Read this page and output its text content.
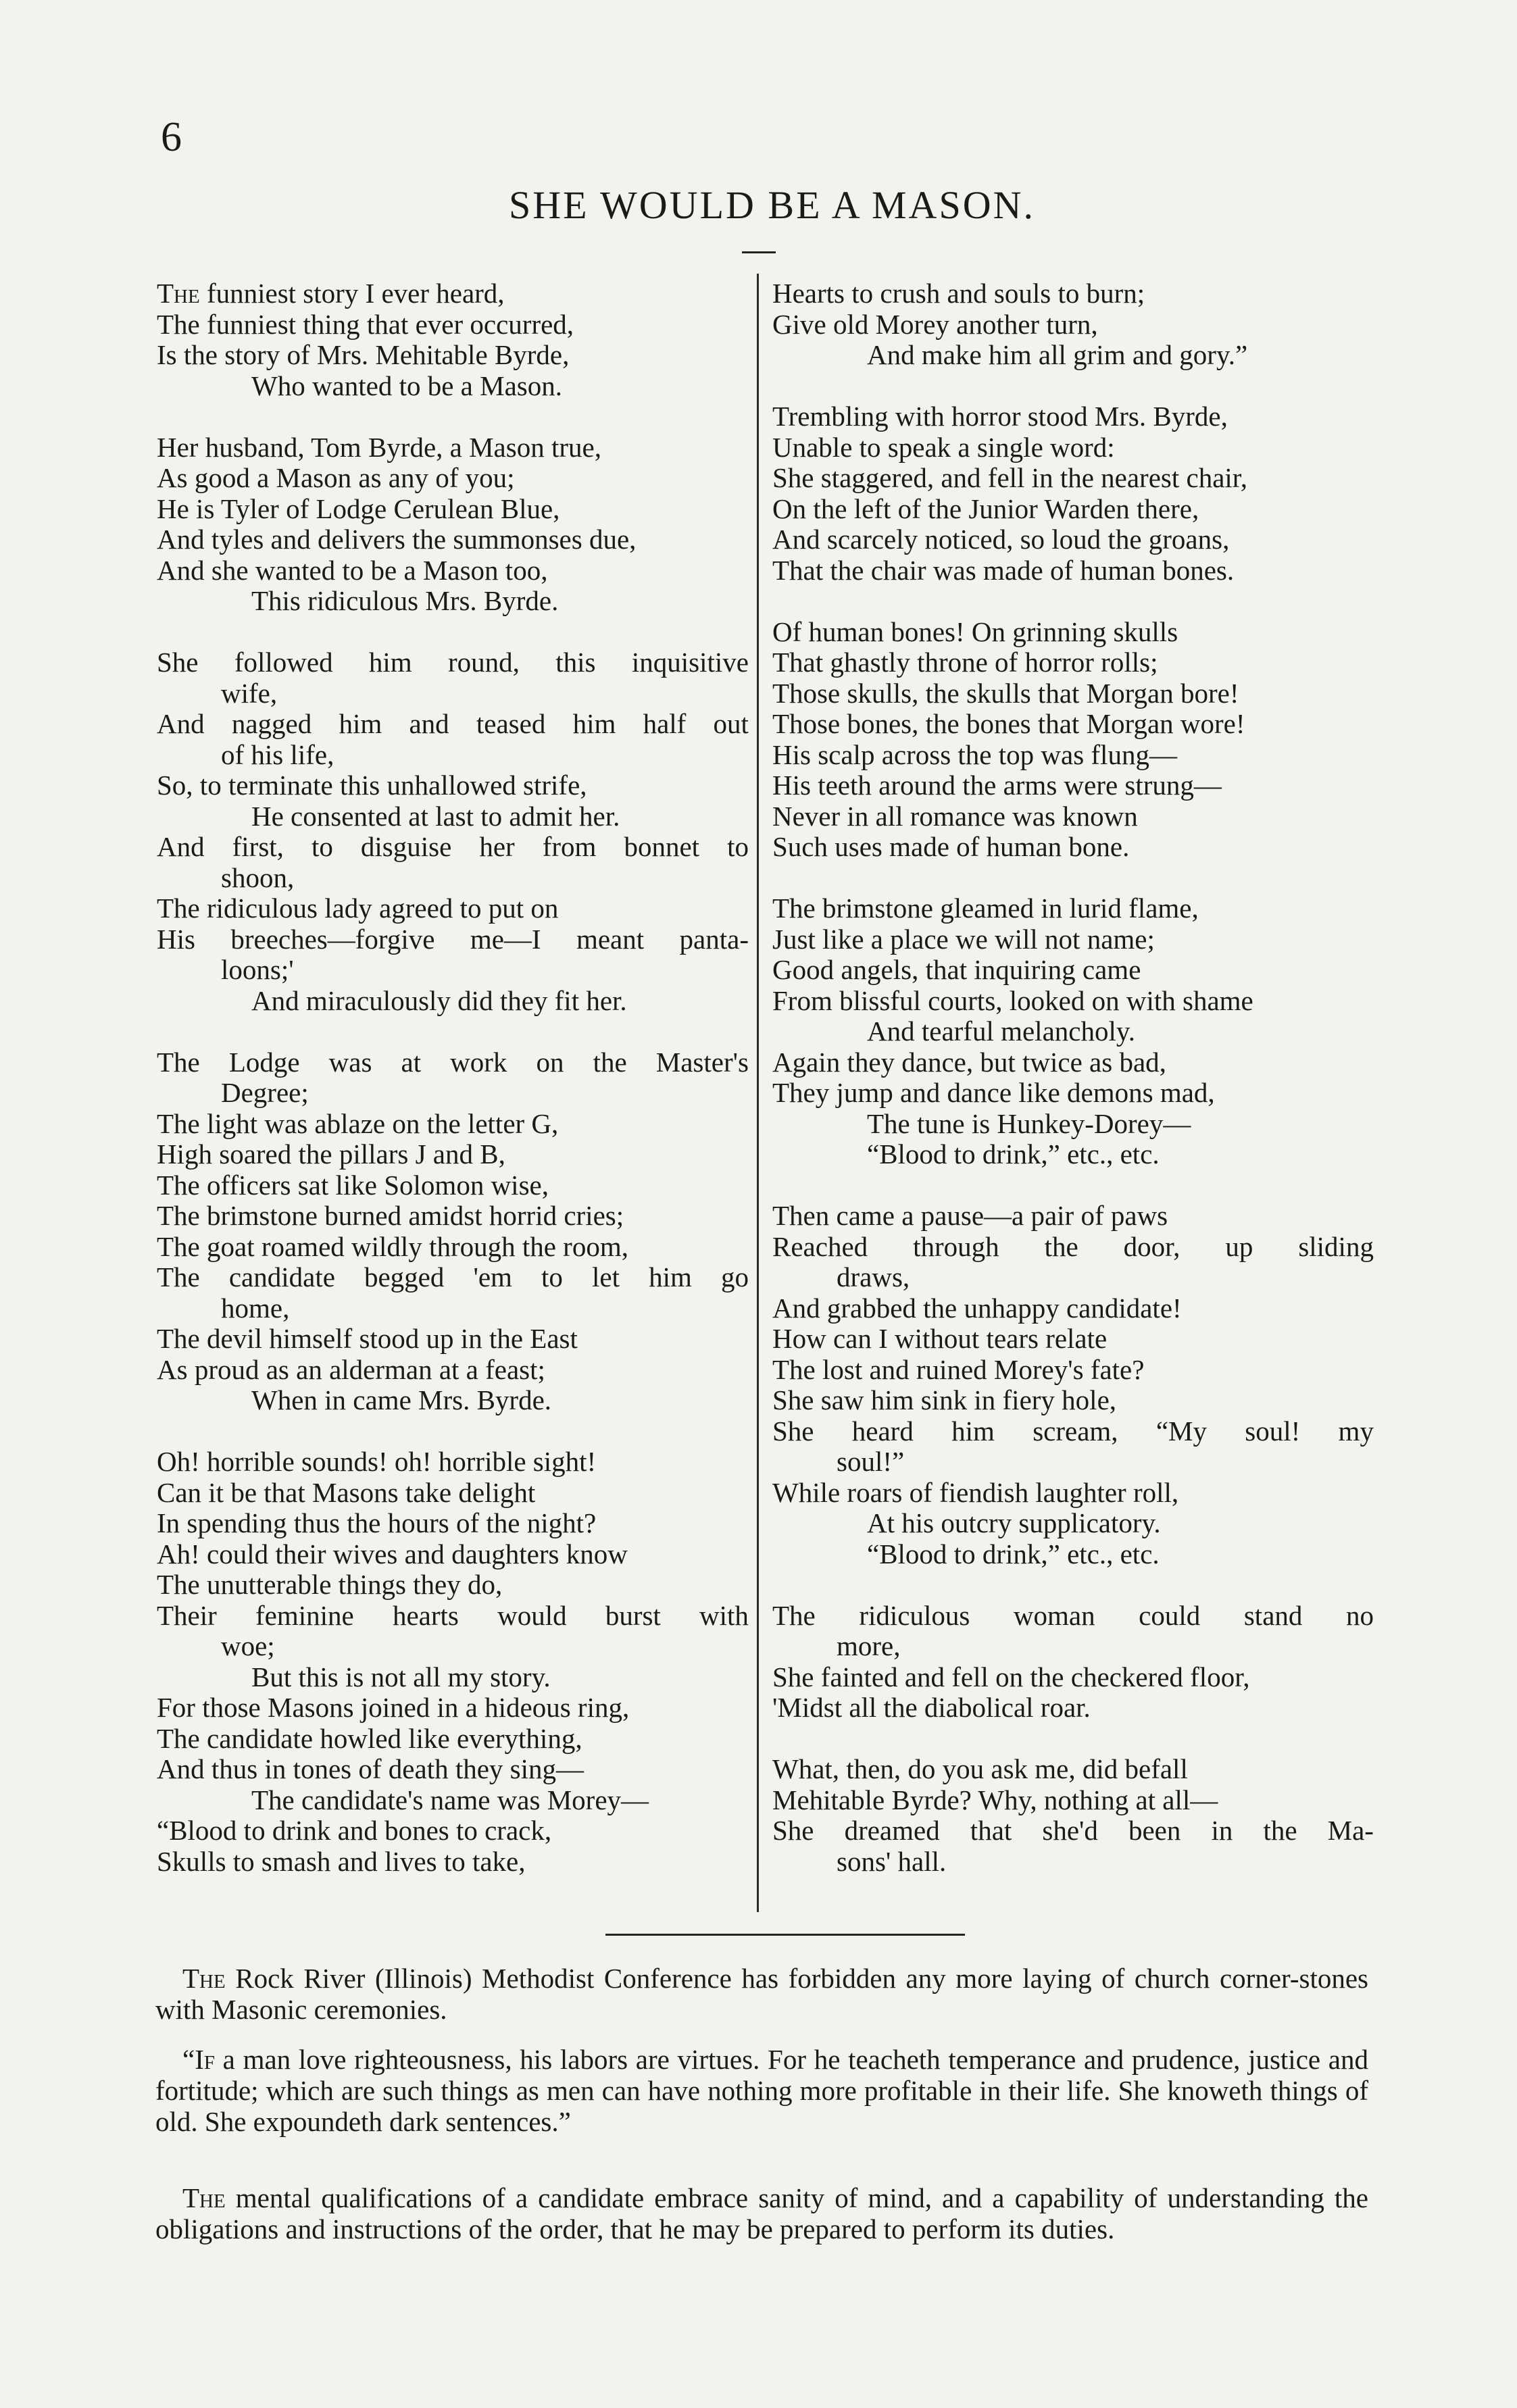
6
SHE WOULD BE A MASON.
The funniest story I ever heard,
The funniest thing that ever occurred,
Is the story of Mrs. Mehitable Byrde,
Who wanted to be a Mason.
Her husband, Tom Byrde, a Mason true,
As good a Mason as any of you;
He is Tyler of Lodge Cerulean Blue,
And tyles and delivers the summonses due,
And she wanted to be a Mason too,
This ridiculous Mrs. Byrde.
She followed him round, this inquisitive
wife,
And nagged him and teased him half out
of his life,
So, to terminate this unhallowed strife,
He consented at last to admit her.
And first, to disguise her from bonnet to
shoon,
The ridiculous lady agreed to put on
His breeches—forgive me—I meant panta-
loons;'
And miraculously did they fit her.
The Lodge was at work on the Master's
Degree;
The light was ablaze on the letter G,
High soared the pillars J and B,
The officers sat like Solomon wise,
The brimstone burned amidst horrid cries;
The goat roamed wildly through the room,
The candidate begged 'em to let him go
home,
The devil himself stood up in the East
As proud as an alderman at a feast;
When in came Mrs. Byrde.
Oh! horrible sounds! oh! horrible sight!
Can it be that Masons take delight
In spending thus the hours of the night?
Ah! could their wives and daughters know
The unutterable things they do,
Their feminine hearts would burst with
woe;
But this is not all my story.
For those Masons joined in a hideous ring,
The candidate howled like everything,
And thus in tones of death they sing—
The candidate's name was Morey—
“Blood to drink and bones to crack,
Skulls to smash and lives to take,
Hearts to crush and souls to burn;
Give old Morey another turn,
And make him all grim and gory.”
Trembling with horror stood Mrs. Byrde,
Unable to speak a single word:
She staggered, and fell in the nearest chair,
On the left of the Junior Warden there,
And scarcely noticed, so loud the groans,
That the chair was made of human bones.
Of human bones! On grinning skulls
That ghastly throne of horror rolls;
Those skulls, the skulls that Morgan bore!
Those bones, the bones that Morgan wore!
His scalp across the top was flung—
His teeth around the arms were strung—
Never in all romance was known
Such uses made of human bone.
The brimstone gleamed in lurid flame,
Just like a place we will not name;
Good angels, that inquiring came
From blissful courts, looked on with shame
And tearful melancholy.
Again they dance, but twice as bad,
They jump and dance like demons mad,
The tune is Hunkey-Dorey—
“Blood to drink,” etc., etc.
Then came a pause—a pair of paws
Reached through the door, up sliding
draws,
And grabbed the unhappy candidate!
How can I without tears relate
The lost and ruined Morey's fate?
She saw him sink in fiery hole,
She heard him scream, “My soul! my
soul!”
While roars of fiendish laughter roll,
At his outcry supplicatory.
“Blood to drink,” etc., etc.
The ridiculous woman could stand no
more,
She fainted and fell on the checkered floor,
'Midst all the diabolical roar.
What, then, do you ask me, did befall
Mehitable Byrde? Why, nothing at all—
She dreamed that she'd been in the Ma-
sons' hall.

The Rock River (Illinois) Methodist Conference has forbidden any more laying of church corner-stones with Masonic ceremonies.

“If a man love righteousness, his labors are virtues. For he teacheth temperance and prudence, justice and fortitude; which are such things as men can have nothing more profitable in their life. She knoweth things of old. She expoundeth dark sentences.”

The mental qualifications of a candidate embrace sanity of mind, and a capability of understanding the obligations and instructions of the order, that he may be prepared to perform its duties.
